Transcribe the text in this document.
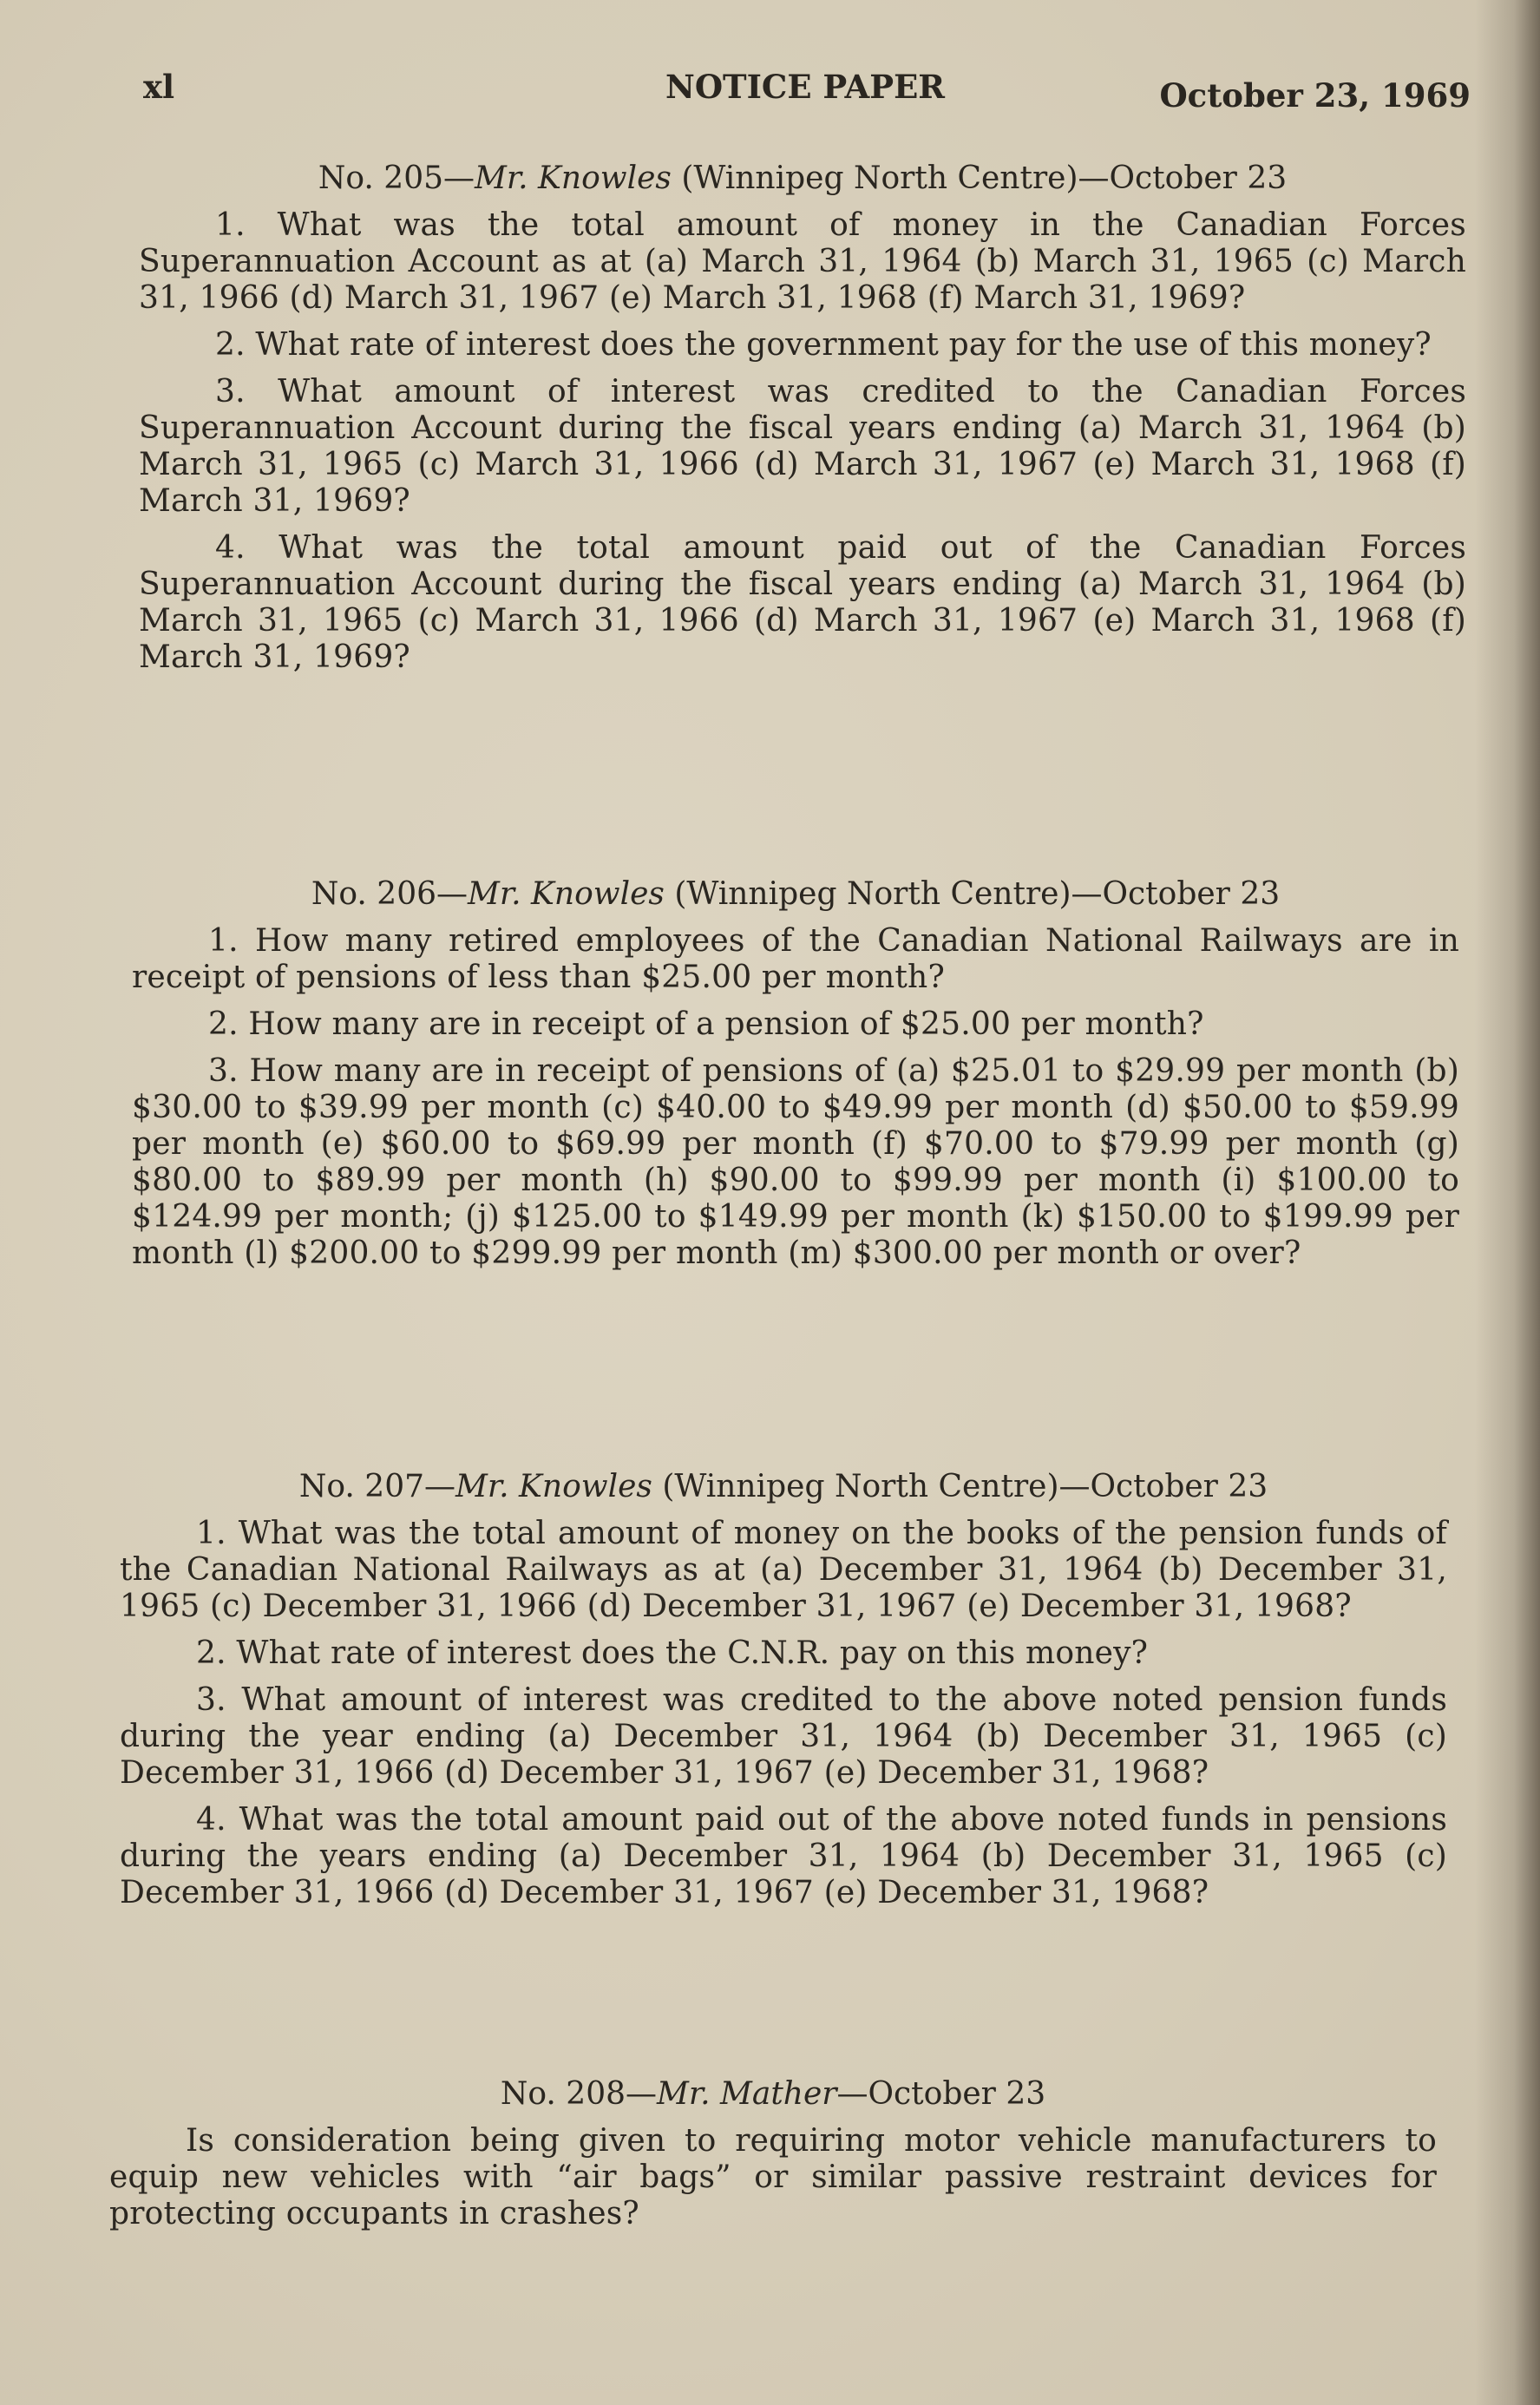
xl	NOTICE PAPER	October 23, 1969
No. 205—Mr. Knowles (Winnipeg North Centre)—October 23

1. What was the total amount of money in the Canadian Forces Superannuation Account as at (a) March 31, 1964 (b) March 31, 1965 (c) March 31, 1966 (d) March 31, 1967 (e) March 31, 1968 (f) March 31, 1969?

2. What rate of interest does the government pay for the use of this money?

3. What amount of interest was credited to the Canadian Forces Superannuation Account during the fiscal years ending (a) March 31, 1964 (b) March 31, 1965 (c) March 31, 1966 (d) March 31, 1967 (e) March 31, 1968 (f) March 31, 1969?

4. What was the total amount paid out of the Canadian Forces Superannuation Account during the fiscal years ending (a) March 31, 1964 (b) March 31, 1965 (c) March 31, 1966 (d) March 31, 1967 (e) March 31, 1968 (f) March 31, 1969?

No. 206—Mr. Knowles (Winnipeg North Centre)—October 23

1. How many retired employees of the Canadian National Railways are in receipt of pensions of less than $25.00 per month?

2. How many are in receipt of a pension of $25.00 per month?

3. How many are in receipt of pensions of (a) $25.01 to $29.99 per month (b) $30.00 to $39.99 per month (c) $40.00 to $49.99 per month (d) $50.00 to $59.99 per month (e) $60.00 to $69.99 per month (f) $70.00 to $79.99 per month (g) $80.00 to $89.99 per month (h) $90.00 to $99.99 per month (i) $100.00 to $124.99 per month; (j) $125.00 to $149.99 per month (k) $150.00 to $199.99 per month (l) $200.00 to $299.99 per month (m) $300.00 per month or over?

No. 207—Mr. Knowles (Winnipeg North Centre)—October 23

1. What was the total amount of money on the books of the pension funds of the Canadian National Railways as at (a) December 31, 1964 (b) December 31, 1965 (c) December 31, 1966 (d) December 31, 1967 (e) December 31, 1968?

2. What rate of interest does the C.N.R. pay on this money?

3. What amount of interest was credited to the above noted pension funds during the year ending (a) December 31, 1964 (b) December 31, 1965 (c) December 31, 1966 (d) December 31, 1967 (e) December 31, 1968?

4. What was the total amount paid out of the above noted funds in pensions during the years ending (a) December 31, 1964 (b) December 31, 1965 (c) December 31, 1966 (d) December 31, 1967 (e) December 31, 1968?

No. 208—Mr. Mather—October 23

Is consideration being given to requiring motor vehicle manufacturers to equip new vehicles with “air bags” or similar passive restraint devices for protecting occupants in crashes?
